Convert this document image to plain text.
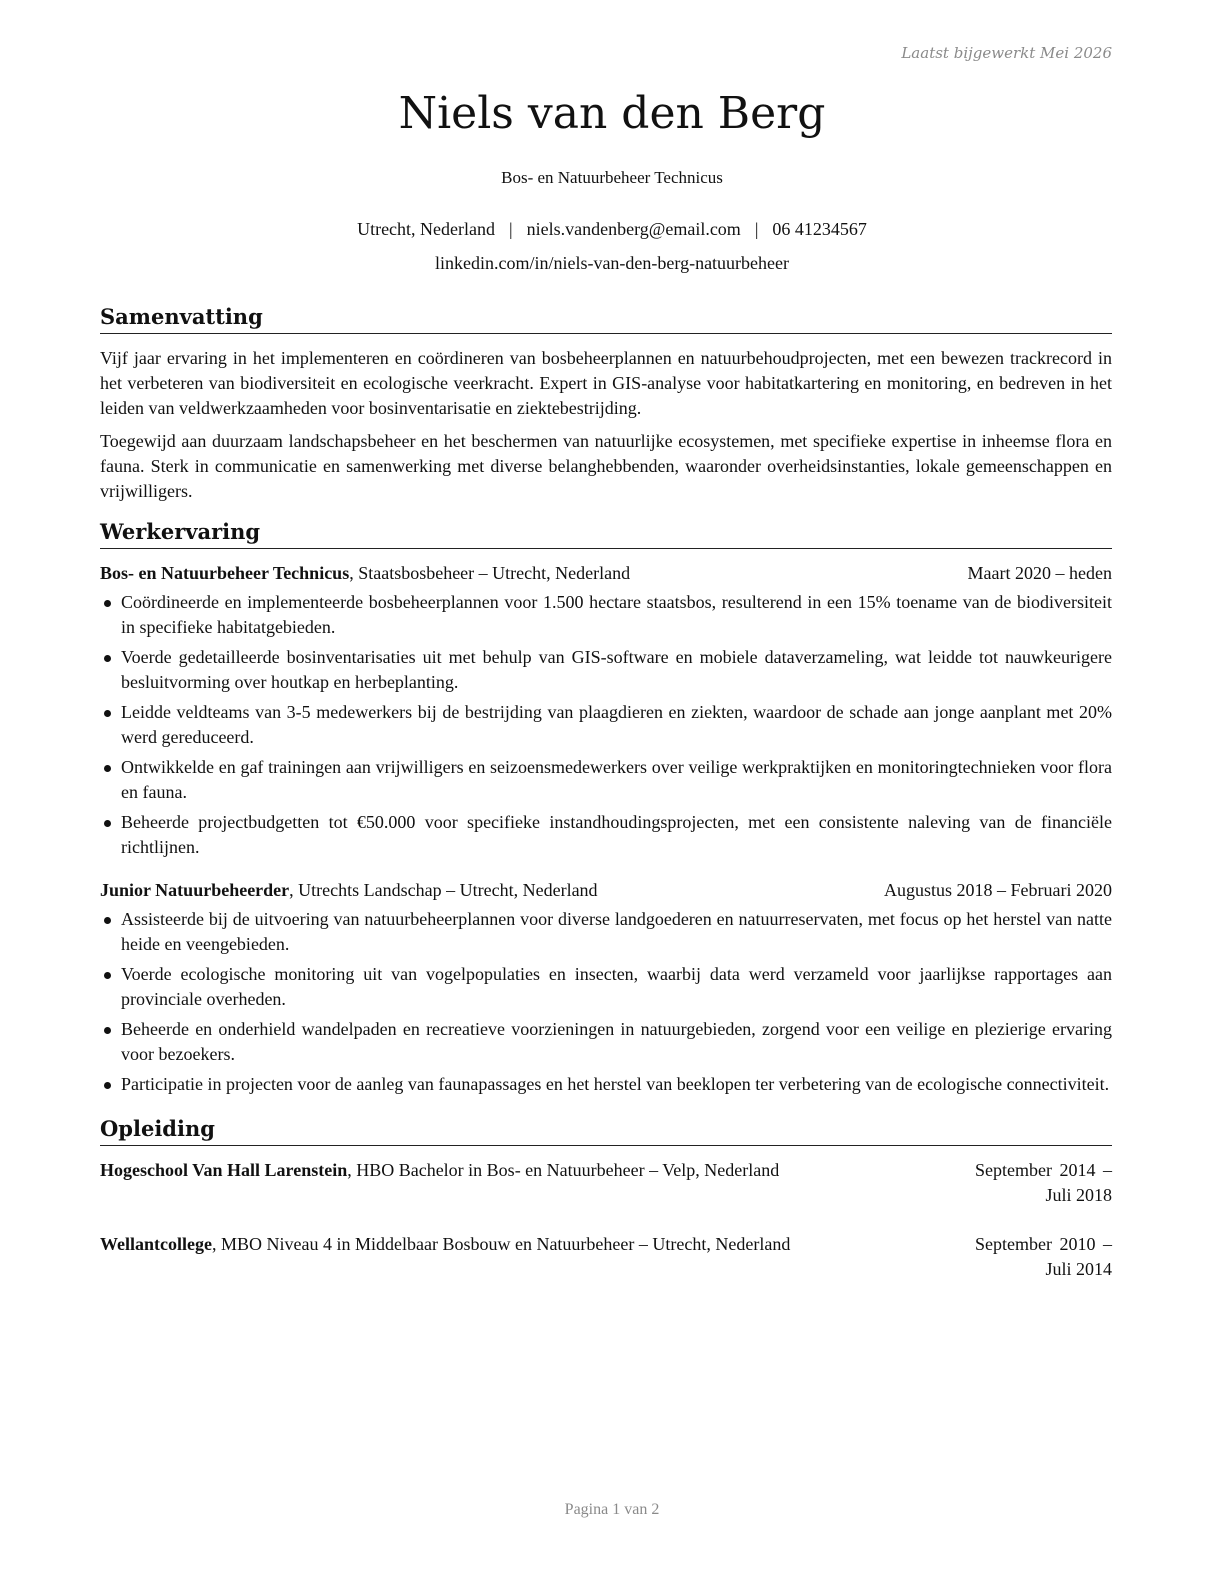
Laatst bijgewerkt Mei 2026
Niels van den Berg
Bos- en Natuurbeheer Technicus
Utrecht, Nederland | niels.vandenberg@email.com | 06 41234567
linkedin.com/in/niels-van-den-berg-natuurbeheer
Samenvatting

Vijf jaar ervaring in het implementeren en coördineren van bosbeheerplannen en natuurbehoudprojecten, met een bewezen trackrecord in het verbeteren van biodiversiteit en ecologische veerkracht. Expert in GIS-analyse voor habitatkartering en monitoring, en bedreven in het leiden van veldwerkzaamheden voor bosinventarisatie en ziektebestrijding.

Toegewijd aan duurzaam landschapsbeheer en het beschermen van natuurlijke ecosystemen, met specifieke expertise in inheemse flora en fauna. Sterk in communicatie en samenwerking met diverse belanghebbenden, waaronder overheidsinstanties, lokale gemeenschappen en vrijwilligers.

Werkervaring
Bos- en Natuurbeheer Technicus, Staatsbosbeheer – Utrecht, Nederland	Maart 2020 – heden
Coördineerde en implementeerde bosbeheerplannen voor 1.500 hectare staatsbos, resulterend in een 15% toename van de biodiversiteit in specifieke habitatgebieden.
Voerde gedetailleerde bosinventarisaties uit met behulp van GIS-software en mobiele dataverzameling, wat leidde tot nauwkeurigere besluitvorming over houtkap en herbeplanting.
Leidde veldteams van 3-5 medewerkers bij de bestrijding van plaagdieren en ziekten, waardoor de schade aan jonge aanplant met 20% werd gereduceerd.
Ontwikkelde en gaf trainingen aan vrijwilligers en seizoensmedewerkers over veilige werkpraktijken en monitoringtechnieken voor flora en fauna.
Beheerde projectbudgetten tot €50.000 voor specifieke instandhoudingsprojecten, met een consistente naleving van de financiële richtlijnen.
Junior Natuurbeheerder, Utrechts Landschap – Utrecht, Nederland	Augustus 2018 – Februari 2020
Assisteerde bij de uitvoering van natuurbeheerplannen voor diverse landgoederen en natuurreservaten, met focus op het herstel van natte heide en veengebieden.
Voerde ecologische monitoring uit van vogelpopulaties en insecten, waarbij data werd verzameld voor jaarlijkse rapportages aan provinciale overheden.
Beheerde en onderhield wandelpaden en recreatieve voorzieningen in natuurgebieden, zorgend voor een veilige en plezierige ervaring voor bezoekers.
Participatie in projecten voor de aanleg van faunapassages en het herstel van beeklopen ter verbetering van de ecologische connectiviteit.
Opleiding
Hogeschool Van Hall Larenstein, HBO Bachelor in Bos- en Natuurbeheer – Velp, Nederland	September 2014 – Juli 2018
Wellantcollege, MBO Niveau 4 in Middelbaar Bosbouw en Natuurbeheer – Utrecht, Nederland	September 2010 – Juli 2014
Pagina 1 van 2
